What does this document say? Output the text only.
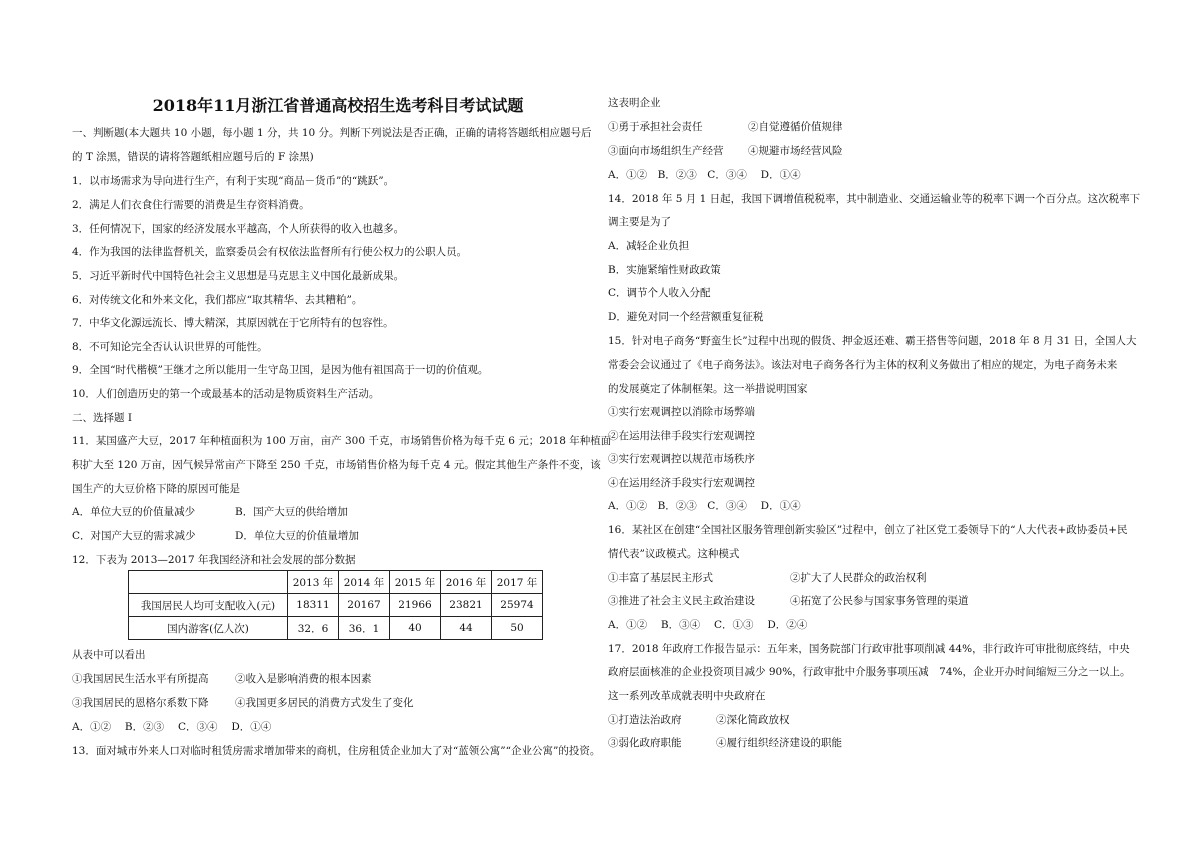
2018年11月浙江省普通高校招生选考科目考试试题
一、判断题(本大题共 10 小题，每小题 1 分，共 10 分。判断下列说法是否正确，正确的请将答题纸相应题号后
的 T 涂黑，错误的请将答题纸相应题号后的 F 涂黑)
1．以市场需求为导向进行生产，有利于实现“商品－货币”的“跳跃”。
2．满足人们衣食住行需要的消费是生存资料消费。
3．任何情况下，国家的经济发展水平越高，个人所获得的收入也越多。
4．作为我国的法律监督机关，监察委员会有权依法监督所有行使公权力的公职人员。
5．习近平新时代中国特色社会主义思想是马克思主义中国化最新成果。
6．对传统文化和外来文化，我们都应“取其精华、去其糟粕”。
7．中华文化源远流长、博大精深，其原因就在于它所特有的包容性。
8．不可知论完全否认认识世界的可能性。
9．全国“时代楷模”王继才之所以能用一生守岛卫国，是因为他有祖国高于一切的价值观。
10．人们创造历史的第一个或最基本的活动是物质资料生产活动。
二、选择题 I
11．某国盛产大豆，2017 年种植面积为 100 万亩，亩产 300 千克，市场销售价格为每千克 6 元；2018 年种植面
积扩大至 120 万亩，因气候异常亩产下降至 250 千克，市场销售价格为每千克 4 元。假定其他生产条件不变，该
国生产的大豆价格下降的原因可能是
A．单位大豆的价值量减少	B．国产大豆的供给增加
C．对国产大豆的需求减少	D．单位大豆的价值量增加
12．下表为 2013—2017 年我国经济和社会发展的部分数据
	2013 年	2014 年	2015 年	2016 年	2017 年
我国居民人均可支配收入(元)	18311	20167	21966	23821	25974
国内游客(亿人次)	32．6	36．1	40	44	50
从表中可以看出
①我国居民生活水平有所提高	②收入是影响消费的根本因素
③我国居民的恩格尔系数下降	④我国更多居民的消费方式发生了变化
A．①②　 B．②③　 C．③④　 D．①④
13．面对城市外来人口对临时租赁房需求增加带来的商机，住房租赁企业加大了对“蓝领公寓”“企业公寓”的投资。
这表明企业
①勇于承担社会责任	②自觉遵循价值规律
③面向市场组织生产经营 ④规避市场经营风险
A．①②　B．②③　C．③④　 D．①④
14．2018 年 5 月 1 日起，我国下调增值税税率，其中制造业、交通运输业等的税率下调一个百分点。这次税率下
调主要是为了
A．减轻企业负担
B．实施紧缩性财政政策
C．调节个人收入分配
D．避免对同一个经营额重复征税
15．针对电子商务“野蛮生长”过程中出现的假货、押金返还难、霸王搭售等问题，2018 年 8 月 31 日，全国人大
常委会会议通过了《电子商务法》。该法对电子商务各行为主体的权利义务做出了相应的规定，为电子商务未来
的发展奠定了体制框架。这一举措说明国家
①实行宏观调控以消除市场弊端
②在运用法律手段实行宏观调控
③实行宏观调控以规范市场秩序
④在运用经济手段实行宏观调控
A．①②　B．②③　C．③④　 D．①④
16．某社区在创建“全国社区服务管理创新实验区”过程中，创立了社区党工委领导下的“人大代表+政协委员+民
情代表”议政模式。这种模式
①丰富了基层民主形式	②扩大了人民群众的政治权利
③推进了社会主义民主政治建设	④拓宽了公民参与国家事务管理的渠道
A．①②　 B．③④　 C．①③　 D．②④
17．2018 年政府工作报告显示：五年来，国务院部门行政审批事项削减 44%，非行政许可审批彻底终结，中央
政府层面核准的企业投资项目减少 90%，行政审批中介服务事项压减　74%，企业开办时间缩短三分之一以上。
这一系列改革成就表明中央政府在
①打造法治政府	②深化简政放权
③弱化政府职能	④履行组织经济建设的职能
